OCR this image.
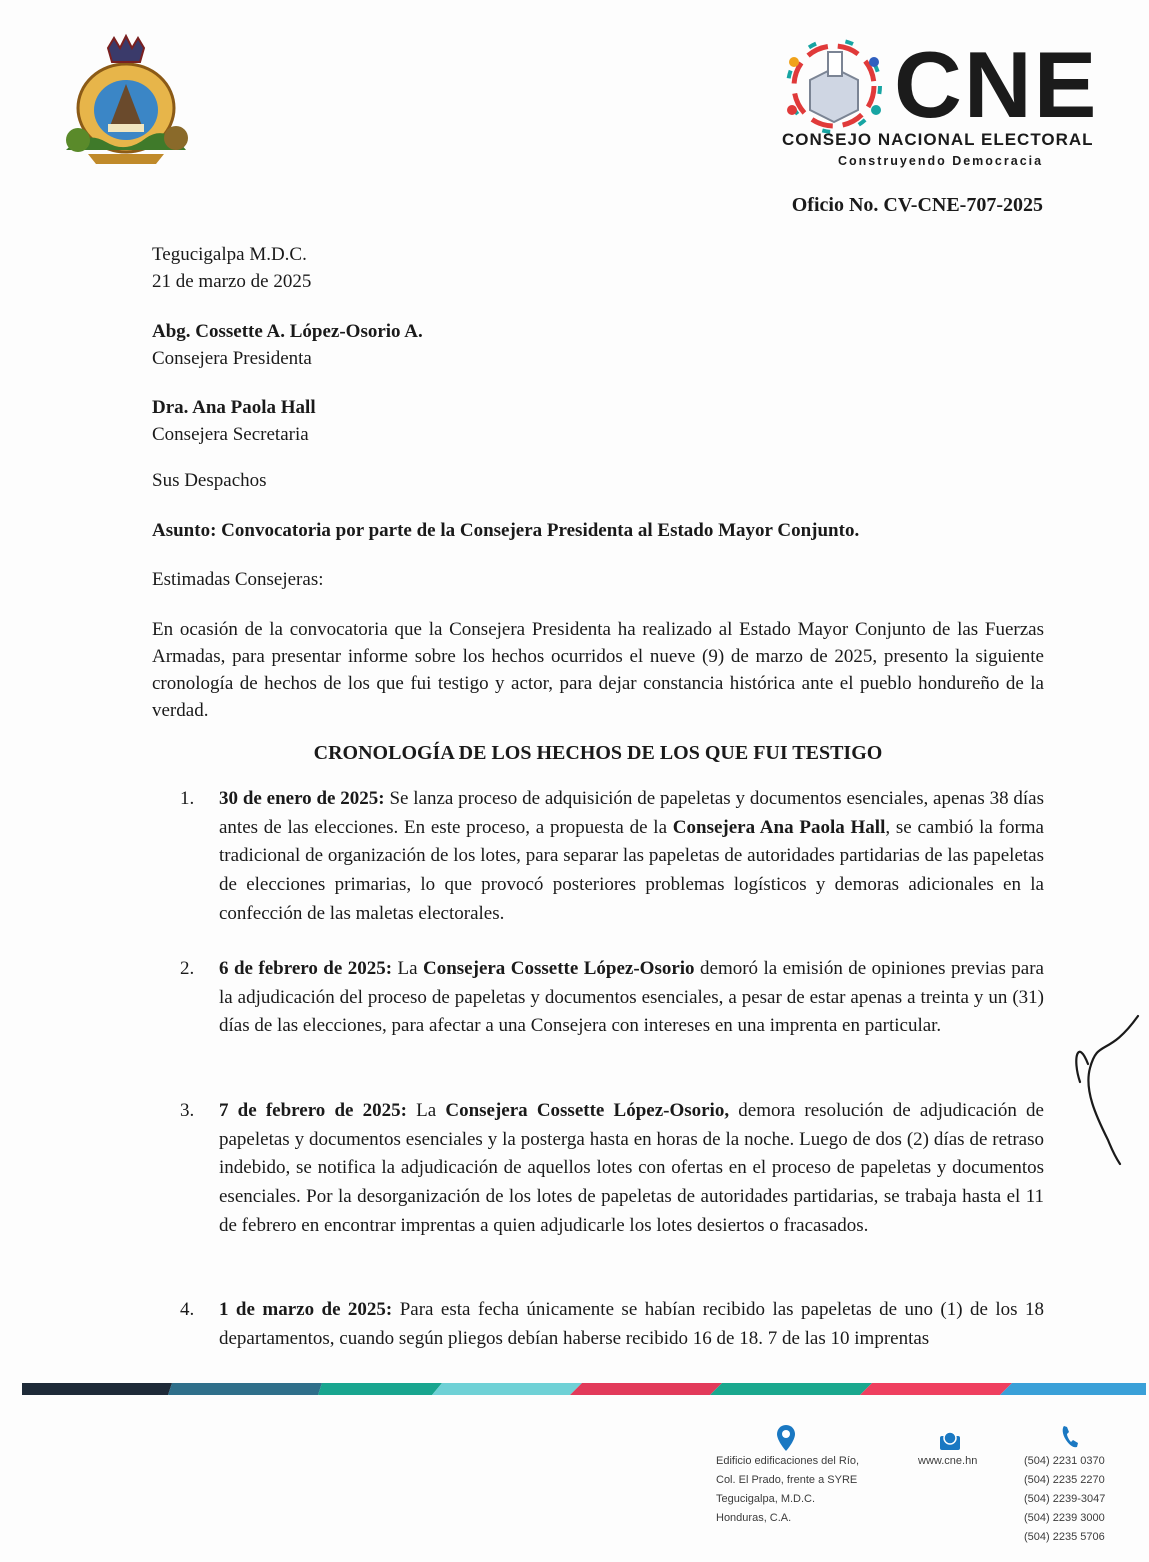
CNE
CONSEJO NACIONAL ELECTORAL
Construyendo Democracia
Oficio No. CV-CNE-707-2025
Tegucigalpa M.D.C.
21 de marzo de 2025
Abg. Cossette A. López-Osorio A.
Consejera Presidenta
Dra. Ana Paola Hall
Consejera Secretaria
Sus Despachos
Asunto: Convocatoria por parte de la Consejera Presidenta al Estado Mayor Conjunto.
Estimadas Consejeras:
En ocasión de la convocatoria que la Consejera Presidenta ha realizado al Estado Mayor Conjunto de las Fuerzas Armadas, para presentar informe sobre los hechos ocurridos el nueve (9) de marzo de 2025, presento la siguiente cronología de hechos de los que fui testigo y actor, para dejar constancia histórica ante el pueblo hondureño de la verdad.
CRONOLOGÍA DE LOS HECHOS DE LOS QUE FUI TESTIGO
1. 30 de enero de 2025: Se lanza proceso de adquisición de papeletas y documentos esenciales, apenas 38 días antes de las elecciones. En este proceso, a propuesta de la Consejera Ana Paola Hall, se cambió la forma tradicional de organización de los lotes, para separar las papeletas de autoridades partidarias de las papeletas de elecciones primarias, lo que provocó posteriores problemas logísticos y demoras adicionales en la confección de las maletas electorales.
2. 6 de febrero de 2025: La Consejera Cossette López-Osorio demoró la emisión de opiniones previas para la adjudicación del proceso de papeletas y documentos esenciales, a pesar de estar apenas a treinta y un (31) días de las elecciones, para afectar a una Consejera con intereses en una imprenta en particular.
3. 7 de febrero de 2025: La Consejera Cossette López-Osorio, demora resolución de adjudicación de papeletas y documentos esenciales y la posterga hasta en horas de la noche. Luego de dos (2) días de retraso indebido, se notifica la adjudicación de aquellos lotes con ofertas en el proceso de papeletas y documentos esenciales. Por la desorganización de los lotes de papeletas de autoridades partidarias, se trabaja hasta el 11 de febrero en encontrar imprentas a quien adjudicarle los lotes desiertos o fracasados.
4. 1 de marzo de 2025: Para esta fecha únicamente se habían recibido las papeletas de uno (1) de los 18 departamentos, cuando según pliegos debían haberse recibido 16 de 18. 7 de las 10 imprentas
Edificio edificaciones del Río,
Col. El Prado, frente a SYRE
Tegucigalpa, M.D.C.
Honduras, C.A.
www.cne.hn	(504) 2231 0370
(504) 2235 2270
(504) 2239-3047
(504) 2239 3000
(504) 2235 5706
